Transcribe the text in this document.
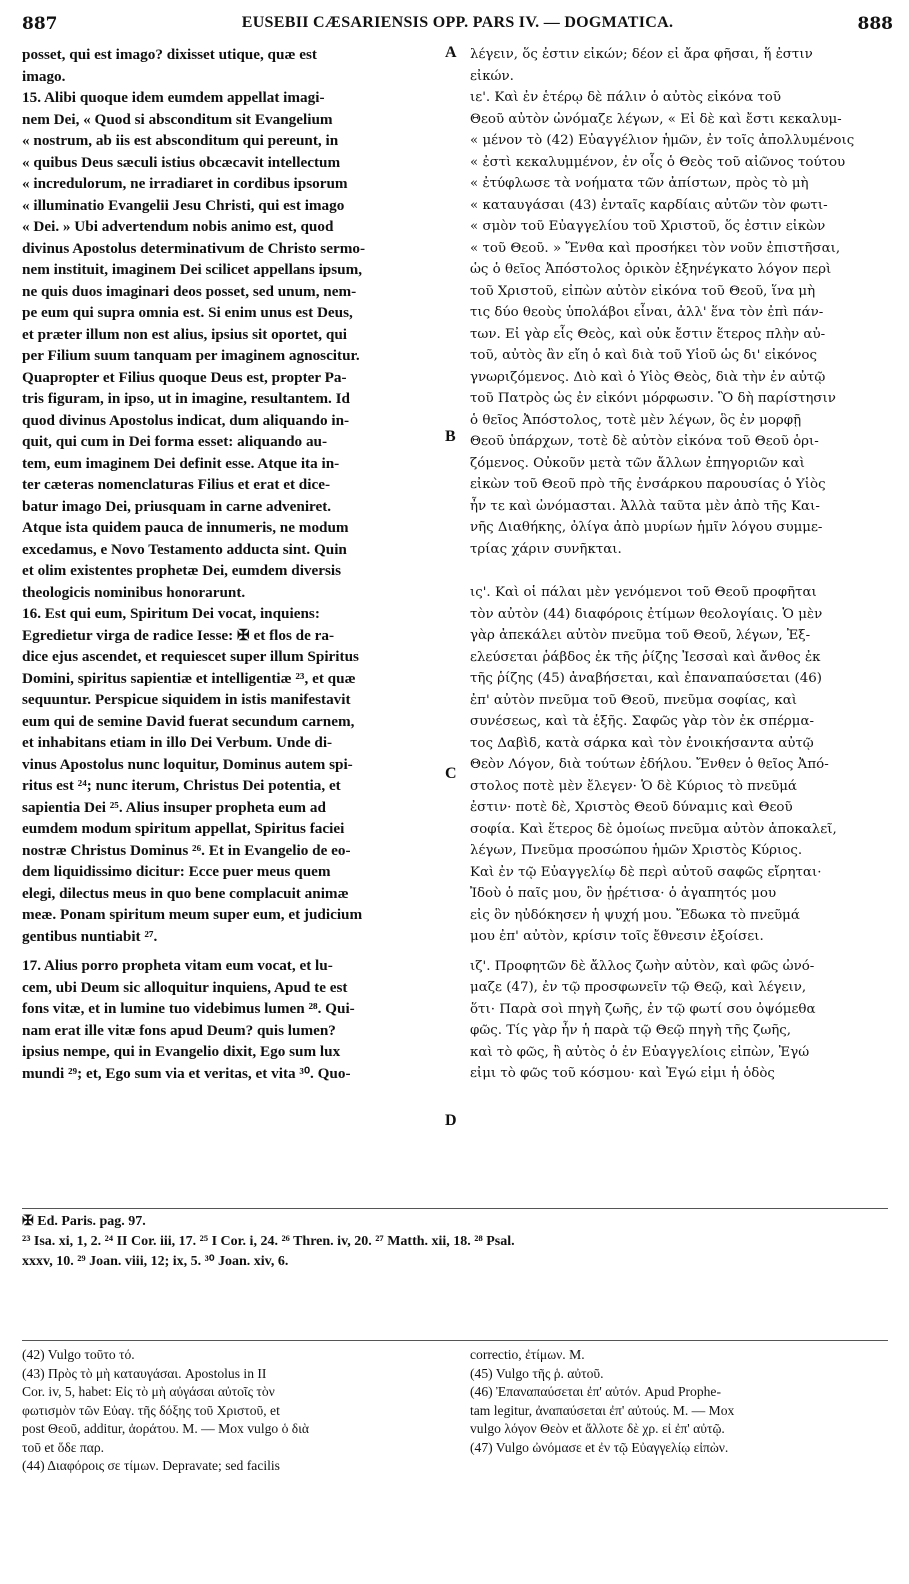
887	EUSEBII CÆSARIENSIS OPP. PARS IV. — DOGMATICA.	888
posset, qui est imago? dixisset utique, quæ est
imago.
15. Alibi quoque idem eumdem appellat imagi-
nem Dei, « Quod si absconditum sit Evangelium
« nostrum, ab iis est absconditum qui pereunt, in
« quibus Deus sæculi istius obcæcavit intellectum
« incredulorum, ne irradiaret in cordibus ipsorum
« illuminatio Evangelii Jesu Christi, qui est imago
« Dei. » Ubi advertendum nobis animo est, quod
divinus Apostolus determinativum de Christo sermo-
nem instituit, imaginem Dei scilicet appellans ipsum,
ne quis duos imaginari deos posset, sed unum, nem-
pe eum qui supra omnia est. Si enim unus est Deus,
et præter illum non est alius, ipsius sit oportet, qui
per Filium suum tanquam per imaginem agnoscitur.
Quapropter et Filius quoque Deus est, propter Pa-
tris figuram, in ipso, ut in imagine, resultantem. Id
quod divinus Apostolus indicat, dum aliquando in-
quit, qui cum in Dei forma esset: aliquando au-
tem, eum imaginem Dei definit esse. Atque ita in-
ter cæteras nomenclaturas Filius et erat et dice-
batur imago Dei, priusquam in carne adveniret.
Atque ista quidem pauca de innumeris, ne modum
excedamus, e Novo Testamento adducta sint. Quin
et olim existentes prophetæ Dei, eumdem diversis
theologicis nominibus honorarunt.
16. Est qui eum, Spiritum Dei vocat, inquiens:
Egredietur virga de radice Iesse: ✠ et flos de ra-
dice ejus ascendet, et requiescet super illum Spiritus
Domini, spiritus sapientiæ et intelligentiæ ²³, et quæ
sequuntur. Perspicue siquidem in istis manifestavit
eum qui de semine David fuerat secundum carnem,
et inhabitans etiam in illo Dei Verbum. Unde di-
vinus Apostolus nunc loquitur, Dominus autem spi-
ritus est ²⁴; nunc iterum, Christus Dei potentia, et
sapientia Dei ²⁵. Alius insuper propheta eum ad
eumdem modum spiritum appellat, Spiritus faciei
nostræ Christus Dominus ²⁶. Et in Evangelio de eo-
dem liquidissimo dicitur: Ecce puer meus quem
elegi, dilectus meus in quo bene complacuit animæ
meæ. Ponam spiritum meum super eum, et judicium
gentibus nuntiabit ²⁷.
17. Alius porro propheta vitam eum vocat, et lu-
cem, ubi Deum sic alloquitur inquiens, Apud te est
fons vitæ, et in lumine tuo videbimus lumen ²⁸. Qui-
nam erat ille vitæ fons apud Deum? quis lumen?
ipsius nempe, qui in Evangelio dixit, Ego sum lux
mundi ²⁹; et, Ego sum via et veritas, et vita ³⁰. Quo-
λέγειν, ὅς ἐστιν εἰκών; δέον εἰ ἄρα φῆσαι, ἥ ἐστιν
εἰκών.
ιε'. Καὶ ἐν ἑτέρῳ δὲ πάλιν ὁ αὐτὸς εἰκόνα τοῦ
Θεοῦ αὐτὸν ὠνόμαζε λέγων, « Εἰ δὲ καὶ ἔστι κεκαλυμ-
« μένον τὸ (42) Εὐαγγέλιον ἡμῶν, ἐν τοῖς ἀπολλυμένοις
« ἐστὶ κεκαλυμμένον, ἐν οἷς ὁ Θεὸς τοῦ αἰῶνος τούτου
« ἐτύφλωσε τὰ νοήματα τῶν ἀπίστων, πρὸς τὸ μὴ
« καταυγάσαι (43) ἐνταῖς καρδίαις αὐτῶν τὸν φωτι-
« σμὸν τοῦ Εὐαγγελίου τοῦ Χριστοῦ, ὅς ἐστιν εἰκὼν
« τοῦ Θεοῦ. » Ἔνθα καὶ προσήκει τὸν νοῦν ἐπιστῆσαι,
ὡς ὁ θεῖος Ἀπόστολος ὁρικὸν ἐξηνέγκατο λόγον περὶ
τοῦ Χριστοῦ, εἰπὼν αὐτὸν εἰκόνα τοῦ Θεοῦ, ἵνα μὴ
τις δύο θεοὺς ὑπολάβοι εἶναι, ἀλλ' ἕνα τὸν ἐπὶ πάν-
των. Εἰ γὰρ εἷς Θεὸς, καὶ οὐκ ἔστιν ἕτερος πλὴν αὐ-
τοῦ, αὐτὸς ἂν εἴη ὁ καὶ διὰ τοῦ Υἱοῦ ὡς δι' εἰκόνος
γνωριζόμενος. Διὸ καὶ ὁ Υἱὸς Θεὸς, διὰ τὴν ἐν αὐτῷ
τοῦ Πατρὸς ὡς ἐν εἰκόνι μόρφωσιν. Ὃ δὴ παρίστησιν
ὁ θεῖος Ἀπόστολος, τοτὲ μὲν λέγων, ὃς ἐν μορφῇ
Θεοῦ ὑπάρχων, τοτὲ δὲ αὐτὸν εἰκόνα τοῦ Θεοῦ ὁρι-
ζόμενος. Οὐκοῦν μετὰ τῶν ἄλλων ἐπηγοριῶν καὶ
εἰκὼν τοῦ Θεοῦ πρὸ τῆς ἐνσάρκου παρουσίας ὁ Υἱὸς
ἦν τε καὶ ὠνόμασται. Ἀλλὰ ταῦτα μὲν ἀπὸ τῆς Και-
νῆς Διαθήκης, ὀλίγα ἀπὸ μυρίων ἡμῖν λόγου συμμε-
τρίας χάριν συνῆκται.
ις'. Καὶ οἱ πάλαι μὲν γενόμενοι τοῦ Θεοῦ προφῆται
τὸν αὐτὸν (44) διαφόροις ἐτίμων θεολογίαις. Ὁ μὲν
γὰρ ἀπεκάλει αὐτὸν πνεῦμα τοῦ Θεοῦ, λέγων, Ἐξ-
ελεύσεται ῥάβδος ἐκ τῆς ῥίζης Ἰεσσαὶ καὶ ἄνθος ἐκ
τῆς ῥίζης (45) ἀναβήσεται, καὶ ἐπαναπαύσεται (46)
ἐπ' αὐτὸν πνεῦμα τοῦ Θεοῦ, πνεῦμα σοφίας, καὶ
συνέσεως, καὶ τὰ ἑξῆς. Σαφῶς γὰρ τὸν ἐκ σπέρμα-
τος Δαβὶδ, κατὰ σάρκα καὶ τὸν ἐνοικήσαντα αὐτῷ
Θεὸν Λόγον, διὰ τούτων ἐδήλου. Ἔνθεν ὁ θεῖος Ἀπό-
στολος ποτὲ μὲν ἔλεγεν· Ὁ δὲ Κύριος τὸ πνεῦμά
ἐστιν· ποτὲ δὲ, Χριστὸς Θεοῦ δύναμις καὶ Θεοῦ
σοφία. Καὶ ἕτερος δὲ ὁμοίως πνεῦμα αὐτὸν ἀποκαλεῖ,
λέγων, Πνεῦμα προσώπου ἡμῶν Χριστὸς Κύριος.
Καὶ ἐν τῷ Εὐαγγελίῳ δὲ περὶ αὐτοῦ σαφῶς εἴρηται·
Ἰδοὺ ὁ παῖς μου, ὃν ᾑρέτισα· ὁ ἀγαπητός μου
εἰς ὃν ηὐδόκησεν ἡ ψυχή μου. Ἔδωκα τὸ πνεῦμά
μου ἐπ' αὐτὸν, κρίσιν τοῖς ἔθνεσιν ἐξοίσει.
ιζ'. Προφητῶν δὲ ἄλλος ζωὴν αὐτὸν, καὶ φῶς ὠνό-
μαζε (47), ἐν τῷ προσφωνεῖν τῷ Θεῷ, καὶ λέγειν,
ὅτι· Παρὰ σοὶ πηγὴ ζωῆς, ἐν τῷ φωτί σου ὀψόμεθα
φῶς. Τίς γὰρ ἦν ἡ παρὰ τῷ Θεῷ πηγὴ τῆς ζωῆς,
καὶ τὸ φῶς, ἢ αὐτὸς ὁ ἐν Εὐαγγελίοις εἰπὼν, Ἐγώ
εἰμι τὸ φῶς τοῦ κόσμου· καὶ Ἐγώ εἰμι ἡ ὁδὸς
A
B
C
D
✠ Ed. Paris. pag. 97.
²³ Isa. xi, 1, 2. ²⁴ II Cor. iii, 17. ²⁵ I Cor. i, 24. ²⁶ Thren. iv, 20. ²⁷ Matth. xii, 18. ²⁸ Psal.
xxxv, 10. ²⁹ Joan. viii, 12; ix, 5. ³⁰ Joan. xiv, 6.
(42) Vulgo τοῦτο τό.
(43) Πρὸς τὸ μὴ καταυγάσαι. Apostolus in II
Cor. iv, 5, habet: Εἰς τὸ μὴ αὐγάσαι αὐτοῖς τὸν
φωτισμὸν τῶν Εὐαγ. τῆς δόξης τοῦ Χριστοῦ, et
post Θεοῦ, additur, ἀοράτου. M. — Mox vulgo ὁ διὰ
τοῦ et ὅδε παρ.
(44) Διαφόροις σε τίμων. Depravate; sed facilis
correctio, ἐτίμων. M.
(45) Vulgo τῆς ῥ. αὐτοῦ.
(46) Ἐπαναπαύσεται ἐπ' αὐτόν. Apud Prophe-
tam legitur, ἀναπαύσεται ἐπ' αὐτούς. M. — Mox
vulgo λόγον Θεὸν et ἄλλοτε δὲ χρ. εἰ ἐπ' αὐτῷ.
(47) Vulgo ὠνόμασε et ἐν τῷ Εὐαγγελίῳ εἰπὼν.
